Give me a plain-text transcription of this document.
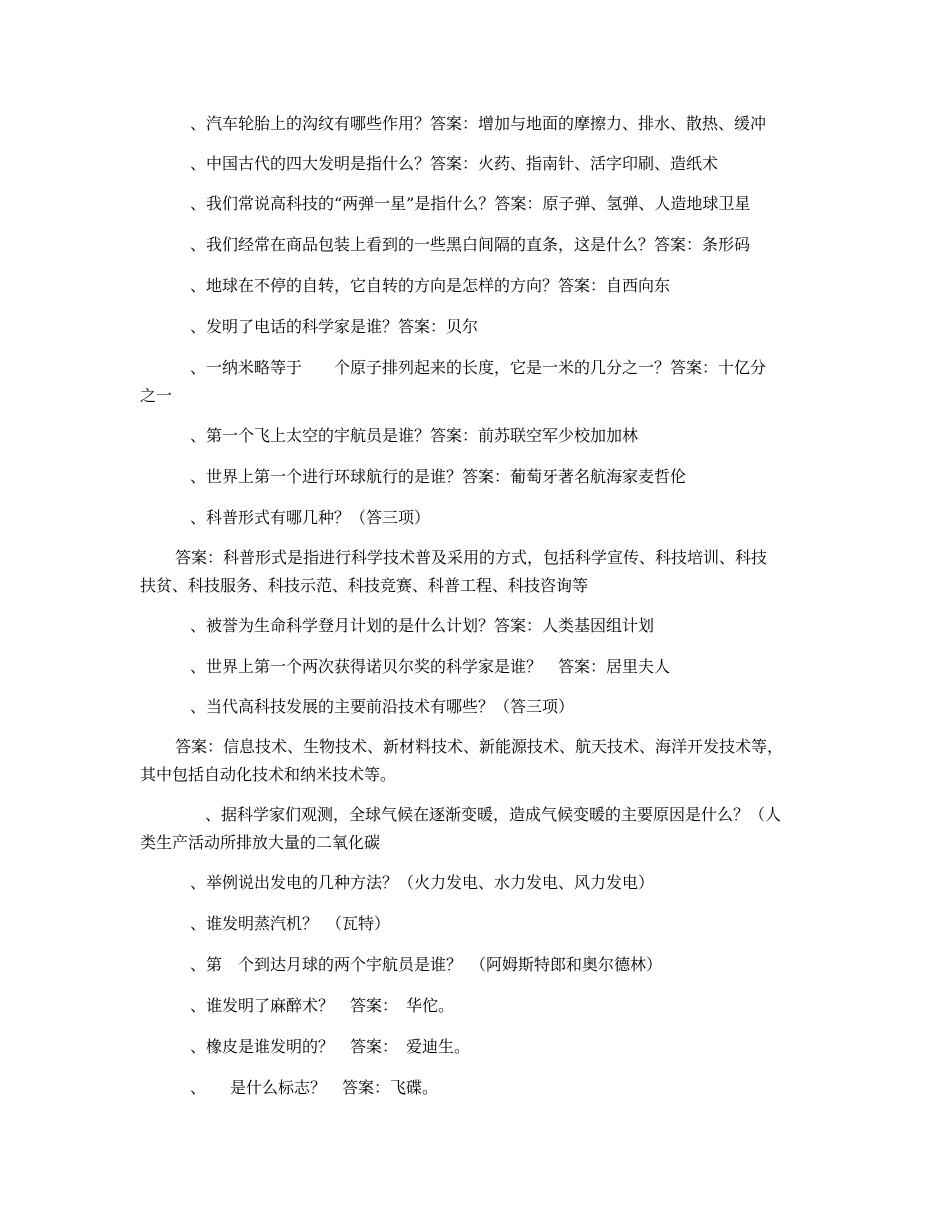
、汽车轮胎上的沟纹有哪些作用？答案：增加与地面的摩擦力、排水、散热、缓冲
、中国古代的四大发明是指什么？答案：火药、指南针、活字印刷、造纸术
、我们常说高科技的“两弹一星”是指什么？答案：原子弹、氢弹、人造地球卫星
、我们经常在商品包装上看到的一些黑白间隔的直条，这是什么？答案：条形码
、地球在不停的自转，它自转的方向是怎样的方向？答案：自西向东
、发明了电话的科学家是谁？答案：贝尔
、一纳米略等于　　个原子排列起来的长度，它是一米的几分之一？答案：十亿分
之一
、第一个飞上太空的宇航员是谁？答案：前苏联空军少校加加林
、世界上第一个进行环球航行的是谁？答案：葡萄牙著名航海家麦哲伦
、科普形式有哪几种？（答三项）
答案：科普形式是指进行科学技术普及采用的方式，包括科学宣传、科技培训、科技
扶贫、科技服务、科技示范、科技竞赛、科普工程、科技咨询等
、被誉为生命科学登月计划的是什么计划？答案：人类基因组计划
、世界上第一个两次获得诺贝尔奖的科学家是谁？　答案：居里夫人
、当代高科技发展的主要前沿技术有哪些？（答三项）
答案：信息技术、生物技术、新材料技术、新能源技术、航天技术、海洋开发技术等，
其中包括自动化技术和纳米技术等。
、据科学家们观测，全球气候在逐渐变暖，造成气候变暖的主要原因是什么？（人
类生产活动所排放大量的二氧化碳
、举例说出发电的几种方法？（火力发电、水力发电、风力发电）
、谁发明蒸汽机？　（瓦特）
、第　个到达月球的两个宇航员是谁？　（阿姆斯特郎和奥尔德林）
、谁发明了麻醉术？　答案：　华佗。
、橡皮是谁发明的？　答案：　爱迪生。
、　　是什么标志？　答案：飞碟。
